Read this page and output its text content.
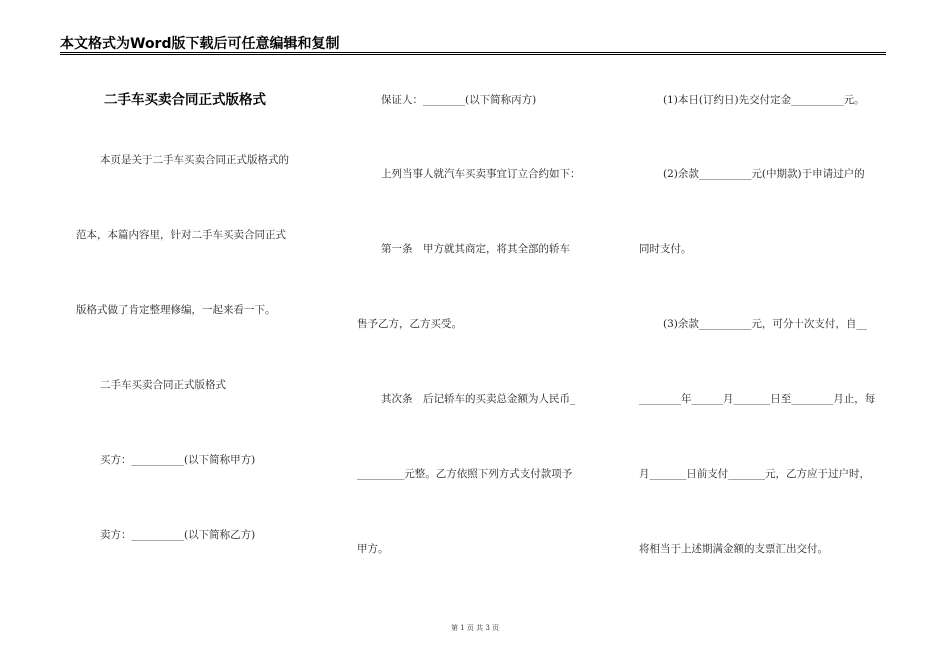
本文格式为Word版下载后可任意编辑和复制
二手车买卖合同正式版格式
本页是关于二手车买卖合同正式版格式的
范本，本篇内容里，针对二手车买卖合同正式
版格式做了肯定整理修编，一起来看一下。
二手车买卖合同正式版格式
买方：__________(以下简称甲方)
卖方：__________(以下简称乙方)
保证人：________(以下简称丙方)
上列当事人就汽车买卖事宜订立合约如下：
第一条　甲方就其商定，将其全部的轿车
售予乙方，乙方买受。
其次条　后记轿车的买卖总金额为人民币_
_________元整。乙方依照下列方式支付款项予
甲方。
(1)本日(订约日)先交付定金__________元。
(2)余款__________元(中期款)于申请过户的
同时支付。
(3)余款__________元，可分十次支付，自__
________年______月_______日至________月止，每
月_______日前支付_______元，乙方应于过户时，
将相当于上述期满金额的支票汇出交付。
第 1 页 共 3 页
